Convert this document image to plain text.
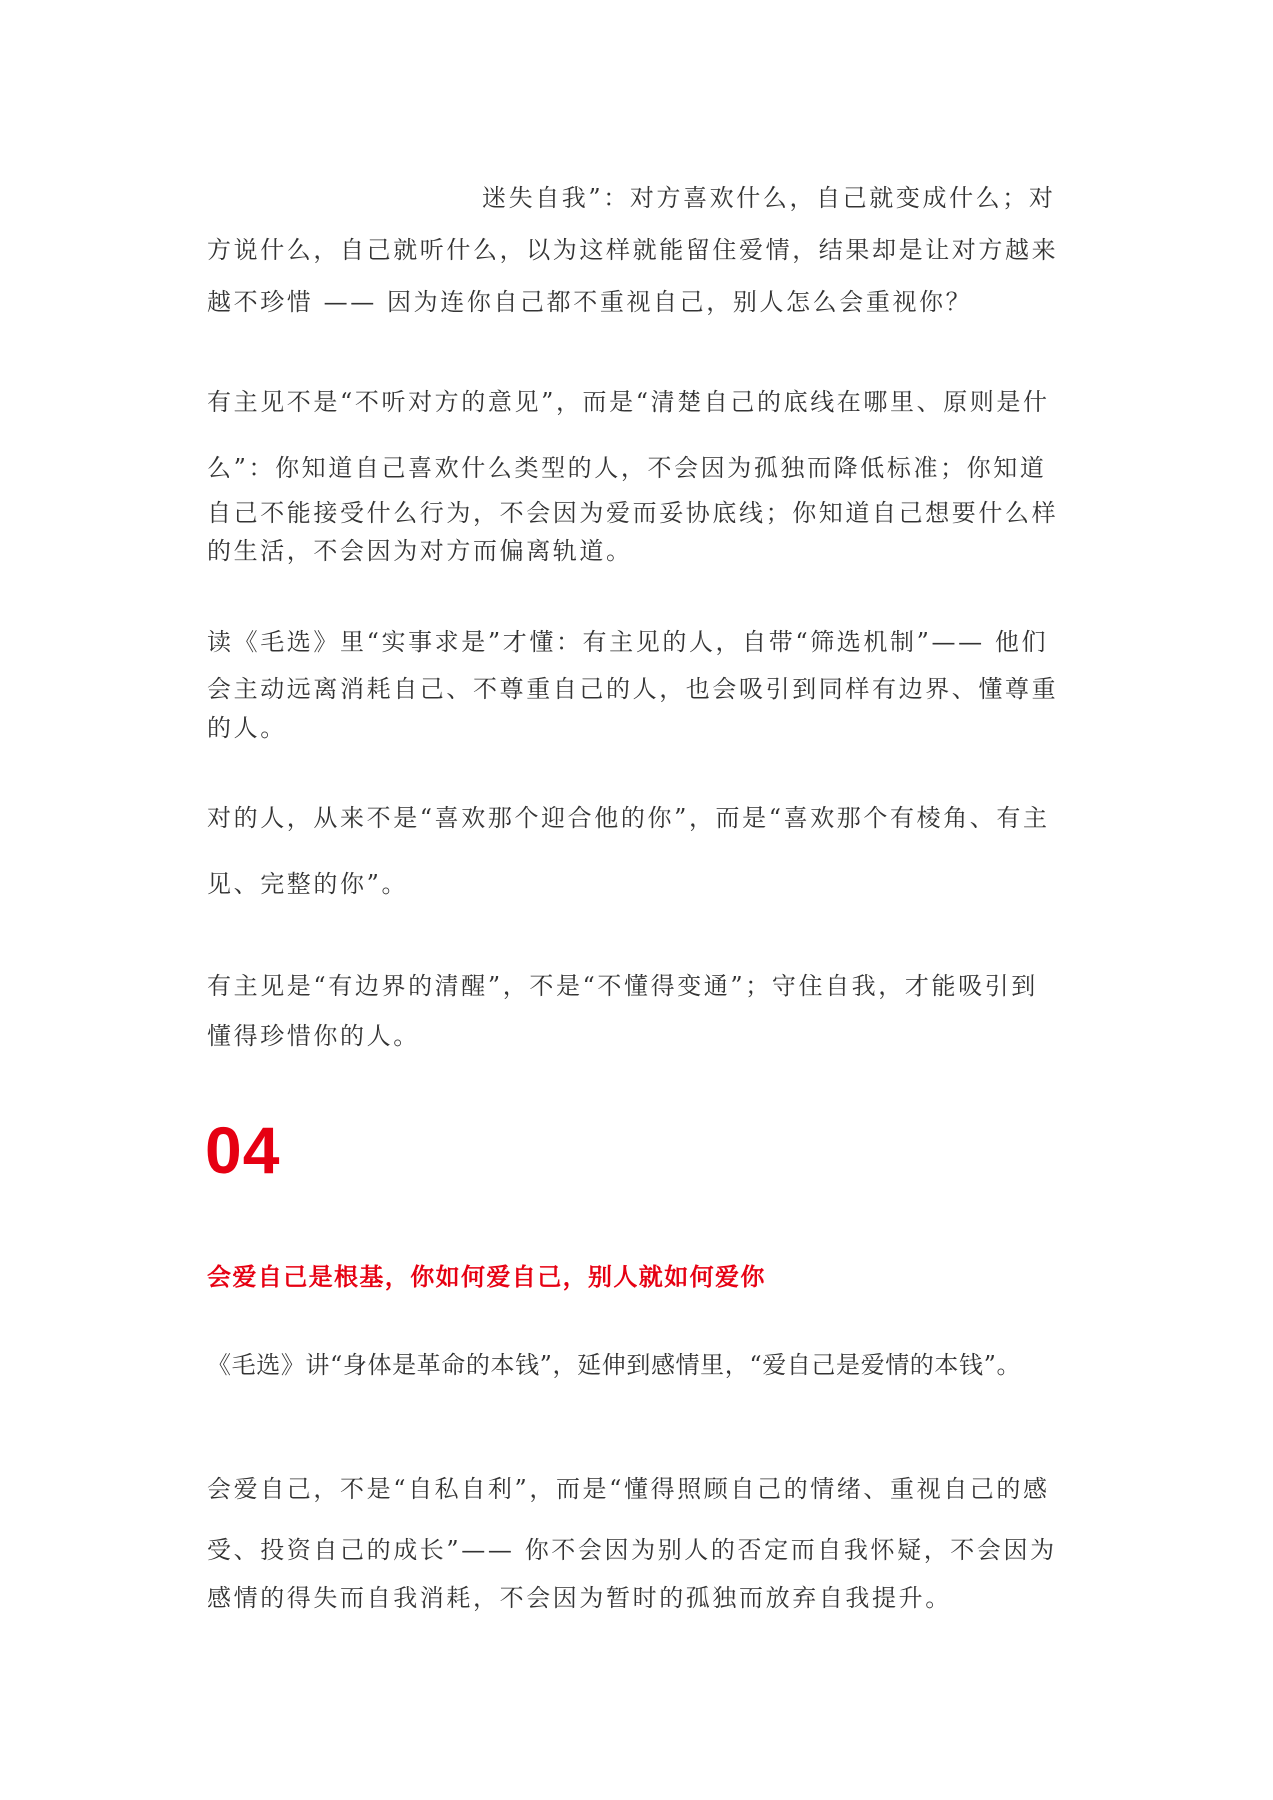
迷失自我”：对方喜欢什么，自己就变成什么；对
方说什么，自己就听什么，以为这样就能留住爱情，结果却是让对方越来
越不珍惜 —— 因为连你自己都不重视自己，别人怎么会重视你？
有主见不是“不听对方的意见”，而是“清楚自己的底线在哪里、原则是什
么”：你知道自己喜欢什么类型的人，不会因为孤独而降低标准；你知道
自己不能接受什么行为，不会因为爱而妥协底线；你知道自己想要什么样
的生活，不会因为对方而偏离轨道。
读《毛选》里“实事求是”才懂：有主见的人，自带“筛选机制”—— 他们
会主动远离消耗自己、不尊重自己的人，也会吸引到同样有边界、懂尊重
的人。
对的人，从来不是“喜欢那个迎合他的你”，而是“喜欢那个有棱角、有主
见、完整的你”。
有主见是“有边界的清醒”，不是“不懂得变通”；守住自我，才能吸引到
懂得珍惜你的人。
04
会爱自己是根基，你如何爱自己，别人就如何爱你
《毛选》讲“身体是革命的本钱”，延伸到感情里，“爱自己是爱情的本钱”。
会爱自己，不是“自私自利”，而是“懂得照顾自己的情绪、重视自己的感
受、投资自己的成长”—— 你不会因为别人的否定而自我怀疑，不会因为
感情的得失而自我消耗，不会因为暂时的孤独而放弃自我提升。
